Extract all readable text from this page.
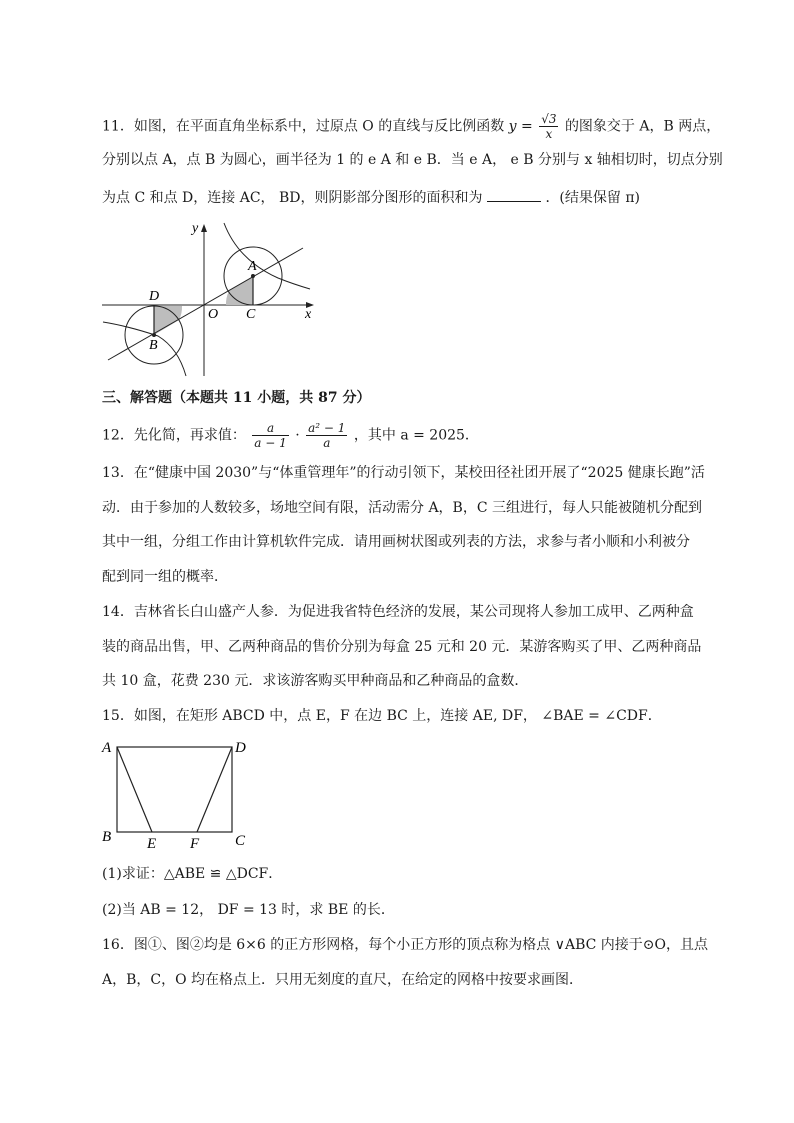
11．如图，在平面直角坐标系中，过原点 O 的直线与反比例函数 $y = \frac{√3}{x}$ 的图象交于 A，B 两点，
分别以点 A，点 B 为圆心，画半径为 1 的 e A 和 e B．当 e A， e B 分别与 x 轴相切时，切点分别
为点 C 和点 D，连接 AC， BD，则阴影部分图形的面积和为	．(结果保留 π)
y
x
A
B
C
D
O
三、解答题（本题共 11 小题，共 87 分）
12．先化简，再求值： $\frac{a}{a - 1} \cdot \frac{\text{a² − 1}}{a}$ ，其中 a = 2025．
13．在“健康中国 2030”与“体重管理年”的行动引领下，某校田径社团开展了“2025 健康长跑”活
动．由于参加的人数较多，场地空间有限，活动需分 A，B，C 三组进行，每人只能被随机分配到
其中一组，分组工作由计算机软件完成．请用画树状图或列表的方法，求参与者小顺和小利被分
配到同一组的概率．
14．吉林省长白山盛产人参．为促进我省特色经济的发展，某公司现将人参加工成甲、乙两种盒
装的商品出售，甲、乙两种商品的售价分别为每盒 25 元和 20 元．某游客购买了甲、乙两种商品
共 10 盒，花费 230 元．求该游客购买甲种商品和乙种商品的盒数．
15．如图，在矩形 ABCD 中，点 E，F 在边 BC 上，连接 AE, DF， ∠BAE = ∠CDF．
A	D
B	C
E F
(1)求证：△ABE ≌ △DCF．
(2)当 AB = 12， DF = 13 时，求 BE 的长．
16．图①、图②均是 6×6 的正方形网格，每个小正方形的顶点称为格点 ∨ABC 内接于⊙O，且点
A，B，C，O 均在格点上．只用无刻度的直尺，在给定的网格中按要求画图．
